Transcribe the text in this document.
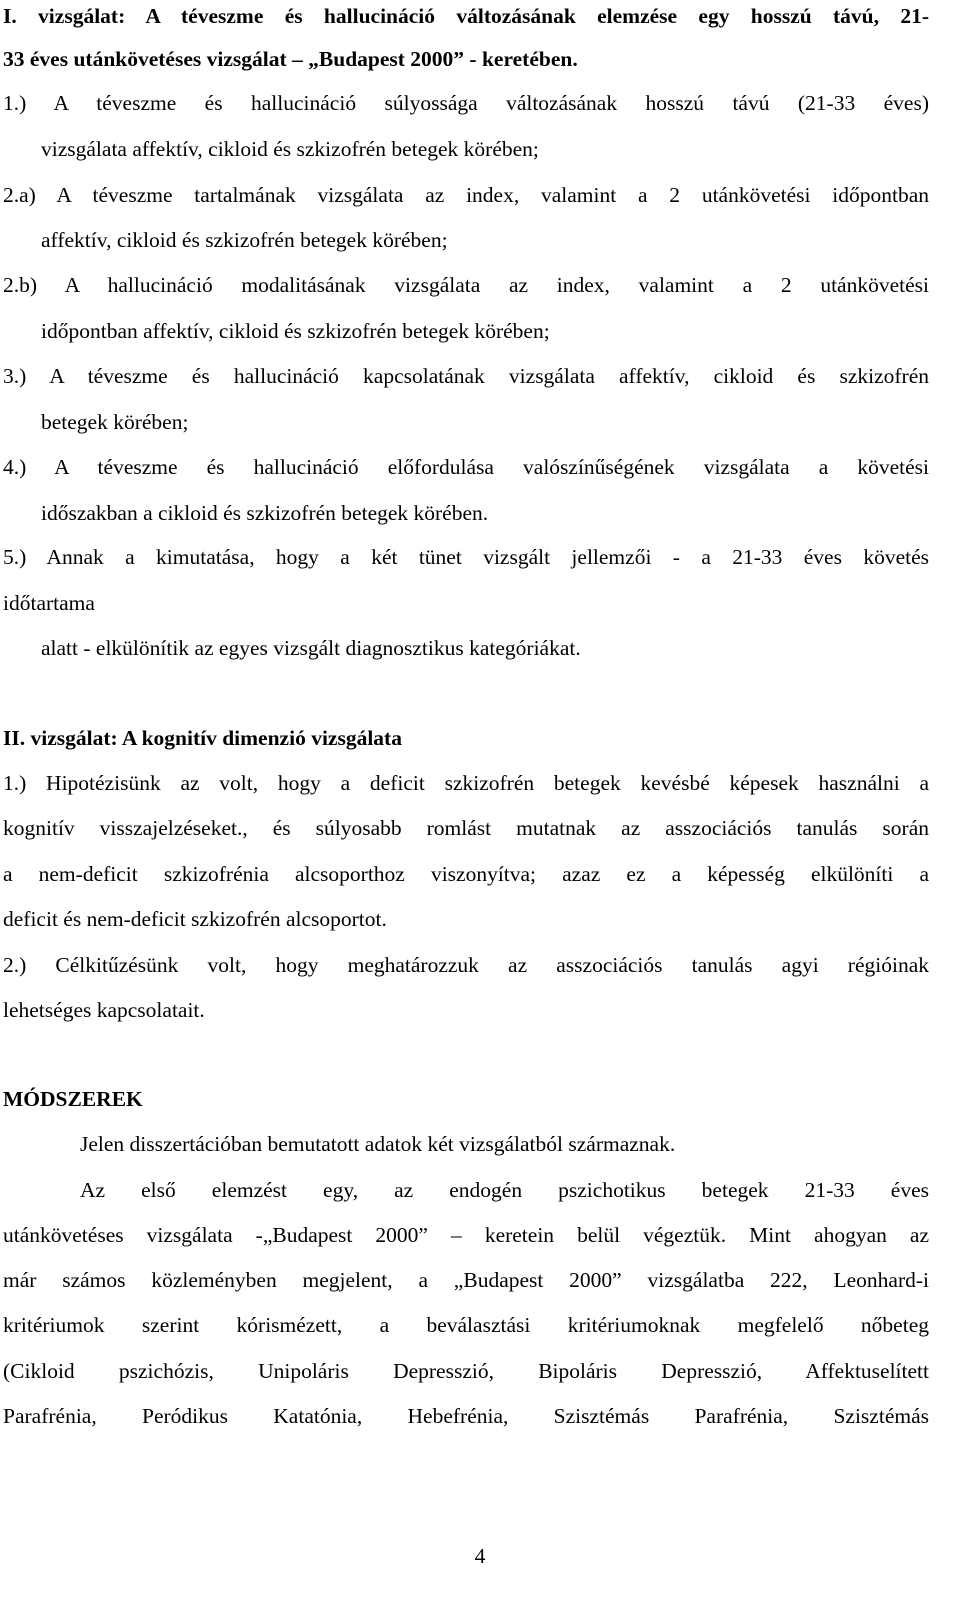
I. vizsgálat: A téveszme és hallucináció változásának elemzése egy hosszú távú, 21-
33 éves utánkövetéses vizsgálat – „Budapest 2000” - keretében.
1.) A téveszme és hallucináció súlyossága változásának hosszú távú (21-33 éves)
vizsgálata affektív, cikloid és szkizofrén betegek körében;
2.a) A téveszme tartalmának vizsgálata az index, valamint a 2 utánkövetési időpontban
affektív, cikloid és szkizofrén betegek körében;
2.b) A hallucináció modalitásának vizsgálata az index, valamint a 2 utánkövetési
időpontban affektív, cikloid és szkizofrén betegek körében;
3.) A téveszme és hallucináció kapcsolatának vizsgálata affektív, cikloid és szkizofrén
betegek körében;
4.) A téveszme és hallucináció előfordulása valószínűségének vizsgálata a követési
időszakban a cikloid és szkizofrén betegek körében.
5.) Annak a kimutatása, hogy a két tünet vizsgált jellemzői - a 21-33 éves követés
időtartama
alatt - elkülönítik az egyes vizsgált diagnosztikus kategóriákat.
II. vizsgálat: A kognitív dimenzió vizsgálata
1.) Hipotézisünk az volt, hogy a deficit szkizofrén betegek kevésbé képesek használni a
kognitív visszajelzéseket., és súlyosabb romlást mutatnak az asszociációs tanulás során
a nem-deficit szkizofrénia alcsoporthoz viszonyítva; azaz ez a képesség elkülöníti a
deficit és nem-deficit szkizofrén alcsoportot.
2.) Célkitűzésünk volt, hogy meghatározzuk az asszociációs tanulás agyi régióinak
lehetséges kapcsolatait.
MÓDSZEREK
Jelen disszertációban bemutatott adatok két vizsgálatból származnak.
Az első elemzést egy, az endogén pszichotikus betegek 21-33 éves
utánkövetéses vizsgálata -„Budapest 2000” – keretein belül végeztük. Mint ahogyan az
már számos közleményben megjelent, a „Budapest 2000” vizsgálatba 222, Leonhard-i
kritériumok szerint kórismézett, a beválasztási kritériumoknak megfelelő nőbeteg
(Cikloid pszichózis, Unipoláris Depresszió, Bipoláris Depresszió, Affektuselített
Parafrénia, Peródikus Katatónia, Hebefrénia, Szisztémás Parafrénia, Szisztémás
4
